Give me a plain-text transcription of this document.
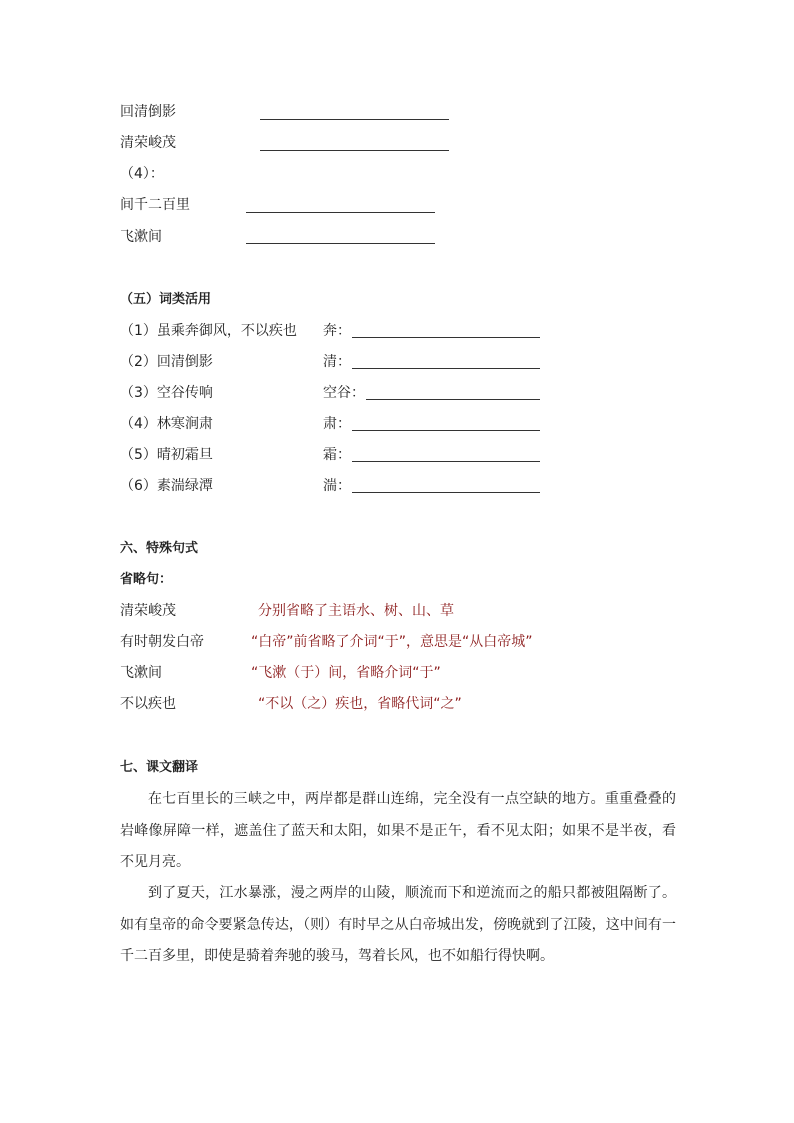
回清倒影
清荣峻茂
（4）：
间千二百里
飞漱间
（五）词类活用
（1）虽乘奔御风，不以疾也 奔：
（2）回清倒影	清：
（3）空谷传响	空谷：
（4）林寒涧肃	肃：
（5）晴初霜旦	霜：
（6）素湍绿潭	湍：
六、特殊句式
省略句：
清荣峻茂	分别省略了主语水、树、山、草
有时朝发白帝	“白帝”前省略了介词“于”，意思是“从白帝城”
飞漱间	“飞漱（于）间，省略介词“于”
不以疾也	“不以（之）疾也，省略代词“之”
七、课文翻译
在七百里长的三峡之中，两岸都是群山连绵，完全没有一点空缺的地方。重重叠叠的岩峰像屏障一样，遮盖住了蓝天和太阳，如果不是正午，看不见太阳；如果不是半夜，看不见月亮。
到了夏天，江水暴涨，漫之两岸的山陵，顺流而下和逆流而之的船只都被阻隔断了。如有皇帝的命令要紧急传达，（则）有时早之从白帝城出发，傍晚就到了江陵，这中间有一千二百多里，即使是骑着奔驰的骏马，驾着长风，也不如船行得快啊。
